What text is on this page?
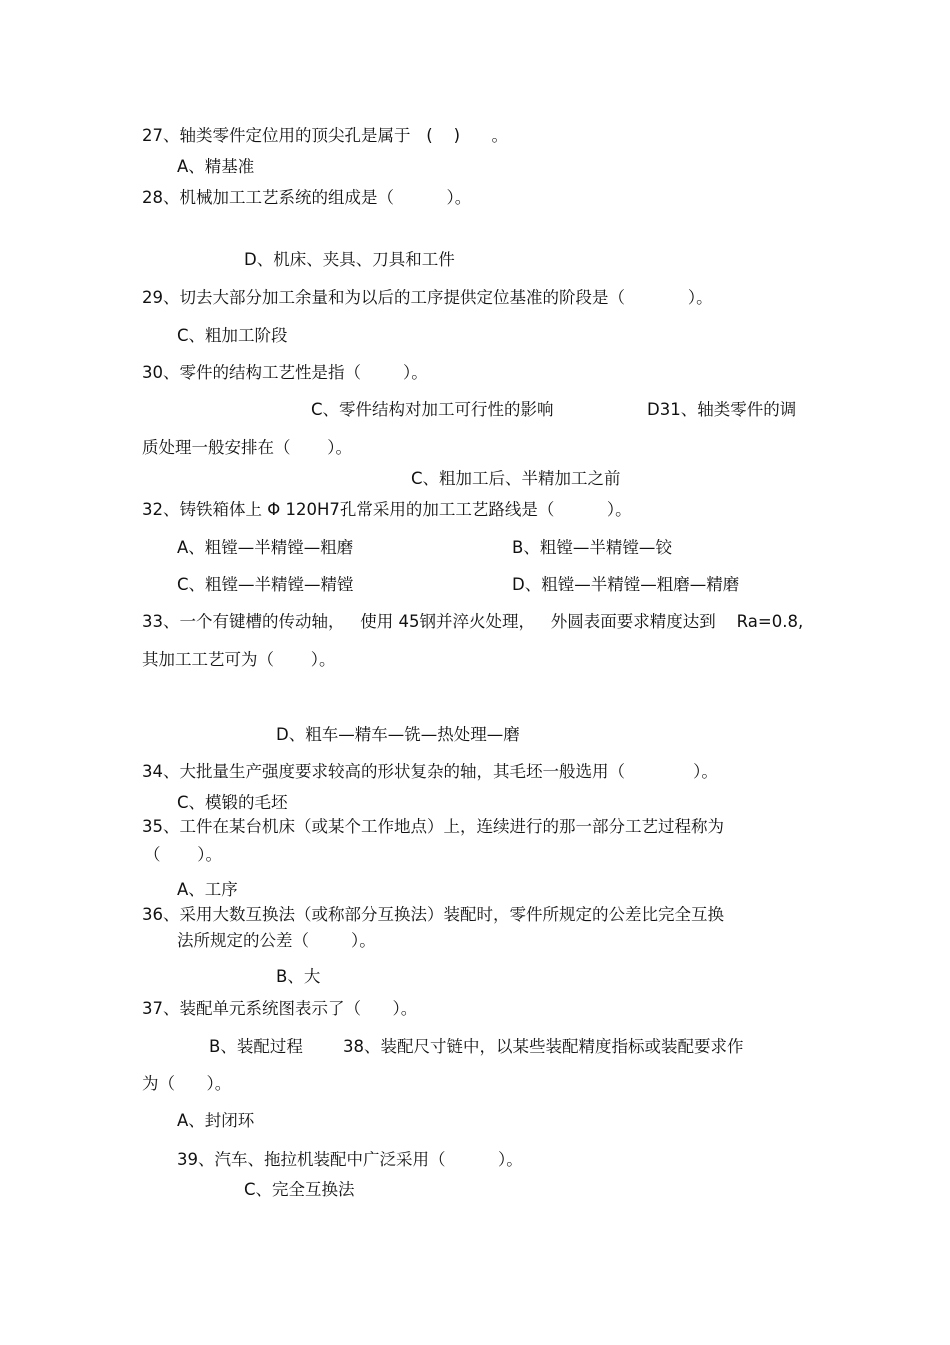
27、轴类零件定位用的顶尖孔是属于   (    )      。
A、精基准
28、机械加工工艺系统的组成是（          ）。
D、机床、夹具、刀具和工件
29、切去大部分加工余量和为以后的工序提供定位基准的阶段是（            ）。
C、粗加工阶段
30、零件的结构工艺性是指（        ）。
C、零件结构对加工可行性的影响	D31、轴类零件的调
质处理一般安排在（       ）。
C、粗加工后、半精加工之前
32、铸铁箱体上 Φ 120H7孔常采用的加工工艺路线是（          ）。
A、粗镗—半精镗—粗磨	B、粗镗—半精镗—铰
C、粗镗—半精镗—精镗	D、粗镗—半精镗—粗磨—精磨
33、一个有键槽的传动轴，   使用 45钢并淬火处理，   外圆表面要求精度达到    Ra=0.8,
其加工工艺可为（       ）。
D、粗车—精车—铣—热处理—磨
34、大批量生产强度要求较高的形状复杂的轴，其毛坯一般选用（             ）。
C、模锻的毛坯
35、工件在某台机床（或某个工作地点）上，连续进行的那一部分工艺过程称为
（       ）。
A、工序
36、采用大数互换法（或称部分互换法）装配时，零件所规定的公差比完全互换
法所规定的公差（        ）。
B、大
37、装配单元系统图表示了（      ）。
B、装配过程 38、装配尺寸链中，以某些装配精度指标或装配要求作
为（      ）。
A、封闭环
39、汽车、拖拉机装配中广泛采用（          ）。
C、完全互换法
